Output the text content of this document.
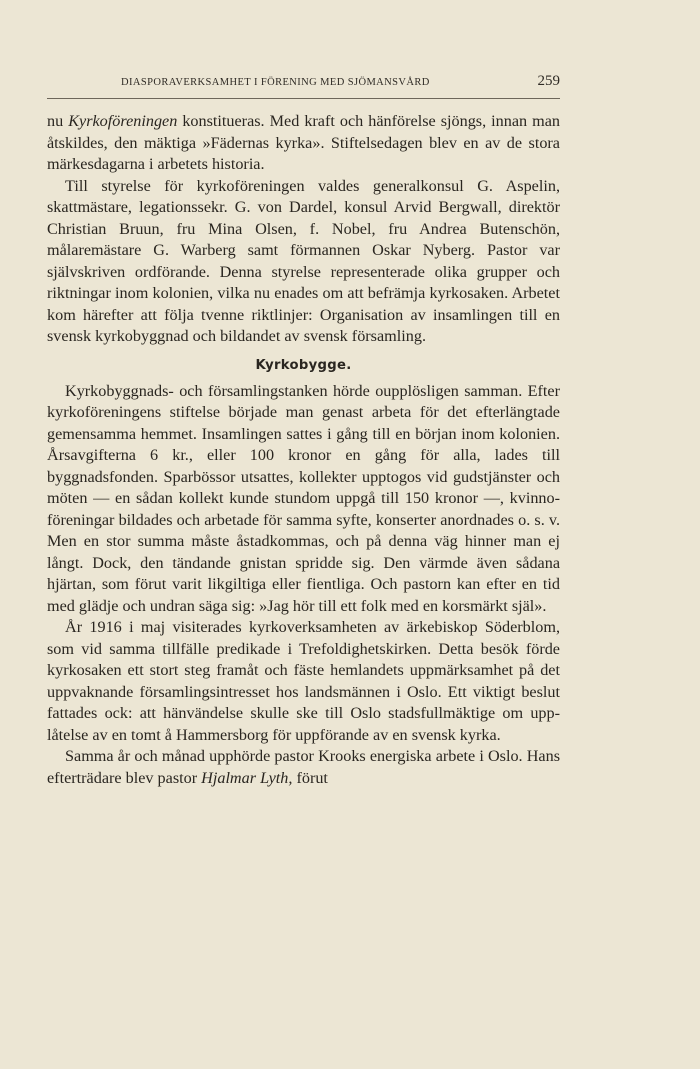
DIASPORAVERKSAMHET I FÖRENING MED SJÖMANSVÅRD	259

nu Kyrkoföreningen konstitueras. Med kraft och hänförelse sjöngs, innan man åtskildes, den mäktiga »Fädernas kyrka». Stiftelsedagen blev en av de stora märkesdagarna i arbetets historia.

Till styrelse för kyrkoföreningen valdes generalkonsul G. Aspelin, skattmästare, legationssekr. G. von Dardel, konsul Arvid Bergwall, direktör Christian Bruun, fru Mina Olsen, f. Nobel, fru Andrea Butenschön, målaremästare G. Warberg samt förmannen Oskar Nyberg. Pastor var självskriven ordförande. Denna styrelse representerade olika grupper och riktningar inom kolonien, vilka nu enades om att befrämja kyrkosaken. Arbetet kom härefter att följa tvenne riktlinjer: Organisation av insamlingen till en svensk kyrkobyggnad och bildandet av svensk församling.

Kyrkobygge.

Kyrkobyggnads- och församlingstanken hörde oupplösligen samman. Efter kyrkoföreningens stiftelse började man genast arbeta för det efterlängtade gemensamma hemmet. Insamlingen sattes i gång till en början inom kolonien. Årsavgifterna 6 kr., eller 100 kronor en gång för alla, lades till byggnadsfonden. Sparbössor utsattes, kollekter upptogos vid gudstjänster och möten — en sådan kollekt kunde stundom uppgå till 150 kronor —, kvinnoföreningar bildades och arbetade för samma syfte, konserter anordnades o. s. v. Men en stor summa måste åstadkommas, och på denna väg hinner man ej långt. Dock, den tändande gnistan spridde sig. Den värmde även sådana hjärtan, som förut varit likgiltiga eller fientliga. Och pastorn kan efter en tid med glädje och undran säga sig: »Jag hör till ett folk med en korsmärkt själ».

År 1916 i maj visiterades kyrkoverksamheten av ärkebiskop Söderblom, som vid samma tillfälle predikade i Trefoldighetskirken. Detta besök förde kyrkosaken ett stort steg framåt och fäste hemlandets uppmärksamhet på det uppvaknande församlingsintresset hos landsmännen i Oslo. Ett viktigt beslut fattades ock: att hänvändelse skulle ske till Oslo stadsfullmäktige om upplåtelse av en tomt å Hammersborg för uppförande av en svensk kyrka.

Samma år och månad upphörde pastor Krooks energiska arbete i Oslo. Hans efterträdare blev pastor Hjalmar Lyth, förut
